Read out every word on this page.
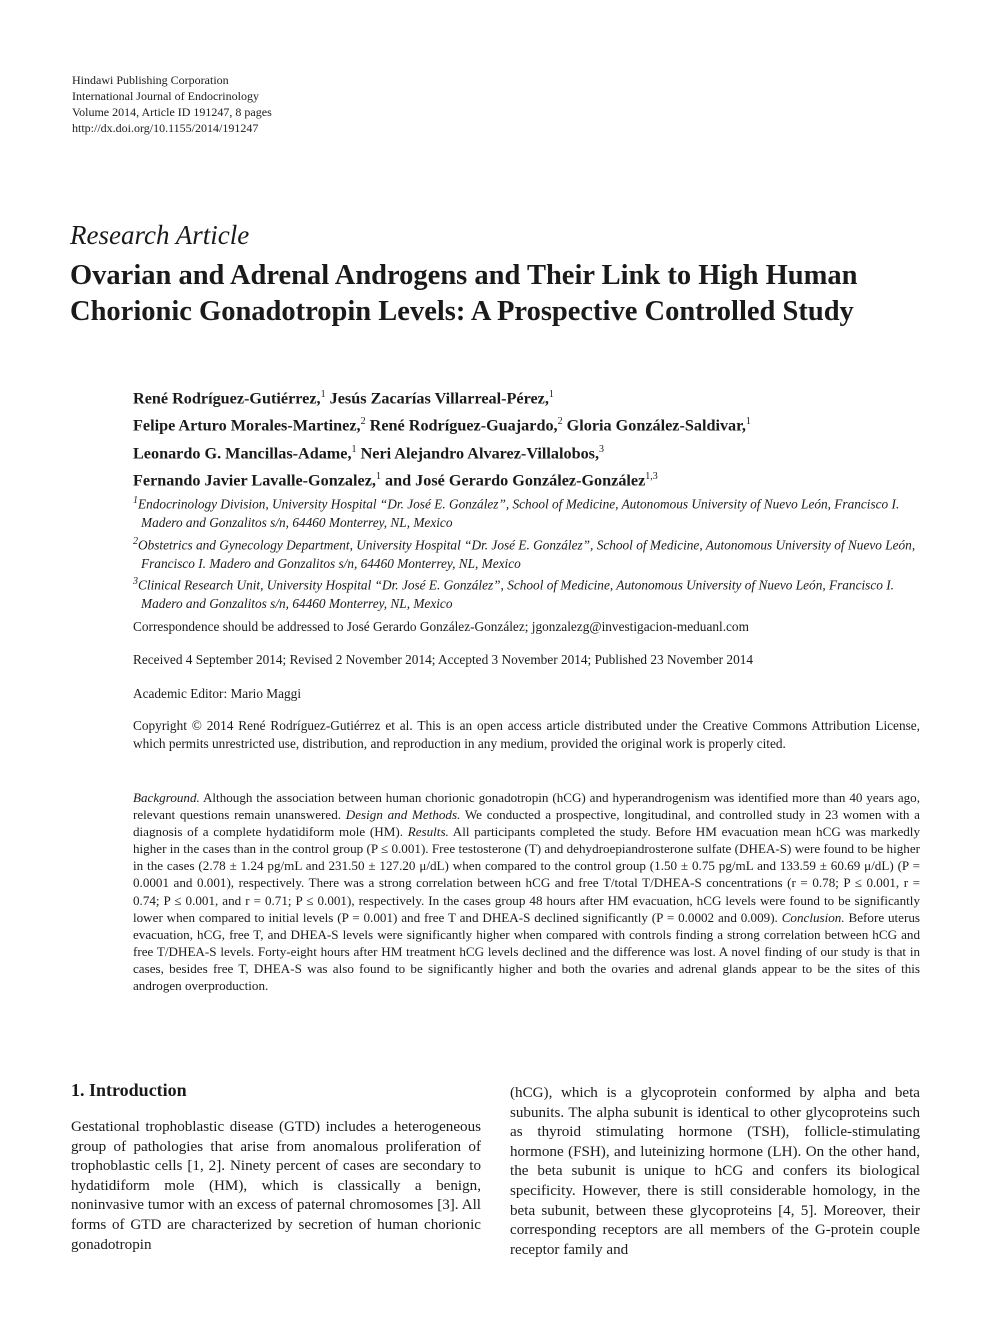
Hindawi Publishing Corporation
International Journal of Endocrinology
Volume 2014, Article ID 191247, 8 pages
http://dx.doi.org/10.1155/2014/191247
Research Article
Ovarian and Adrenal Androgens and Their Link to High Human Chorionic Gonadotropin Levels: A Prospective Controlled Study
René Rodríguez-Gutiérrez,$^1$ Jesús Zacarías Villarreal-Pérez,$^1$
Felipe Arturo Morales-Martinez,$^2$ René Rodríguez-Guajardo,$^2$ Gloria González-Saldivar,$^1$
Leonardo G. Mancillas-Adame,$^1$ Neri Alejandro Alvarez-Villalobos,$^3$
Fernando Javier Lavalle-Gonzalez,$^1$ and José Gerardo González-González$^{1,3}$
$^1$Endocrinology Division, University Hospital “Dr. José E. González”, School of Medicine, Autonomous University of Nuevo León, Francisco I. Madero and Gonzalitos s/n, 64460 Monterrey, NL, Mexico
$^2$Obstetrics and Gynecology Department, University Hospital “Dr. José E. González”, School of Medicine, Autonomous University of Nuevo León, Francisco I. Madero and Gonzalitos s/n, 64460 Monterrey, NL, Mexico
$^3$Clinical Research Unit, University Hospital “Dr. José E. González”, School of Medicine, Autonomous University of Nuevo León, Francisco I. Madero and Gonzalitos s/n, 64460 Monterrey, NL, Mexico
Correspondence should be addressed to José Gerardo González-González; jgonzalezg@investigacion-meduanl.com
Received 4 September 2014; Revised 2 November 2014; Accepted 3 November 2014; Published 23 November 2014
Academic Editor: Mario Maggi
Copyright © 2014 René Rodríguez-Gutiérrez et al. This is an open access article distributed under the Creative Commons Attribution License, which permits unrestricted use, distribution, and reproduction in any medium, provided the original work is properly cited.
Background. Although the association between human chorionic gonadotropin (hCG) and hyperandrogenism was identified more than 40 years ago, relevant questions remain unanswered. Design and Methods. We conducted a prospective, longitudinal, and controlled study in 23 women with a diagnosis of a complete hydatidiform mole (HM). Results. All participants completed the study. Before HM evacuation mean hCG was markedly higher in the cases than in the control group (P ≤ 0.001). Free testosterone (T) and dehydroepiandrosterone sulfate (DHEA-S) were found to be higher in the cases (2.78 ± 1.24 pg/mL and 231.50 ± 127.20 μ/dL) when compared to the control group (1.50 ± 0.75 pg/mL and 133.59 ± 60.69 μ/dL) (P = 0.0001 and 0.001), respectively. There was a strong correlation between hCG and free T/total T/DHEA-S concentrations (r = 0.78; P ≤ 0.001, r = 0.74; P ≤ 0.001, and r = 0.71; P ≤ 0.001), respectively. In the cases group 48 hours after HM evacuation, hCG levels were found to be significantly lower when compared to initial levels (P = 0.001) and free T and DHEA-S declined significantly (P = 0.0002 and 0.009). Conclusion. Before uterus evacuation, hCG, free T, and DHEA-S levels were significantly higher when compared with controls finding a strong correlation between hCG and free T/DHEA-S levels. Forty-eight hours after HM treatment hCG levels declined and the difference was lost. A novel finding of our study is that in cases, besides free T, DHEA-S was also found to be significantly higher and both the ovaries and adrenal glands appear to be the sites of this androgen overproduction.
1. Introduction
Gestational trophoblastic disease (GTD) includes a heterogeneous group of pathologies that arise from anomalous proliferation of trophoblastic cells [1, 2]. Ninety percent of cases are secondary to hydatidiform mole (HM), which is classically a benign, noninvasive tumor with an excess of paternal chromosomes [3]. All forms of GTD are characterized by secretion of human chorionic gonadotropin
(hCG), which is a glycoprotein conformed by alpha and beta subunits. The alpha subunit is identical to other glycoproteins such as thyroid stimulating hormone (TSH), follicle-stimulating hormone (FSH), and luteinizing hormone (LH). On the other hand, the beta subunit is unique to hCG and confers its biological specificity. However, there is still considerable homology, in the beta subunit, between these glycoproteins [4, 5]. Moreover, their corresponding receptors are all members of the G-protein couple receptor family and
